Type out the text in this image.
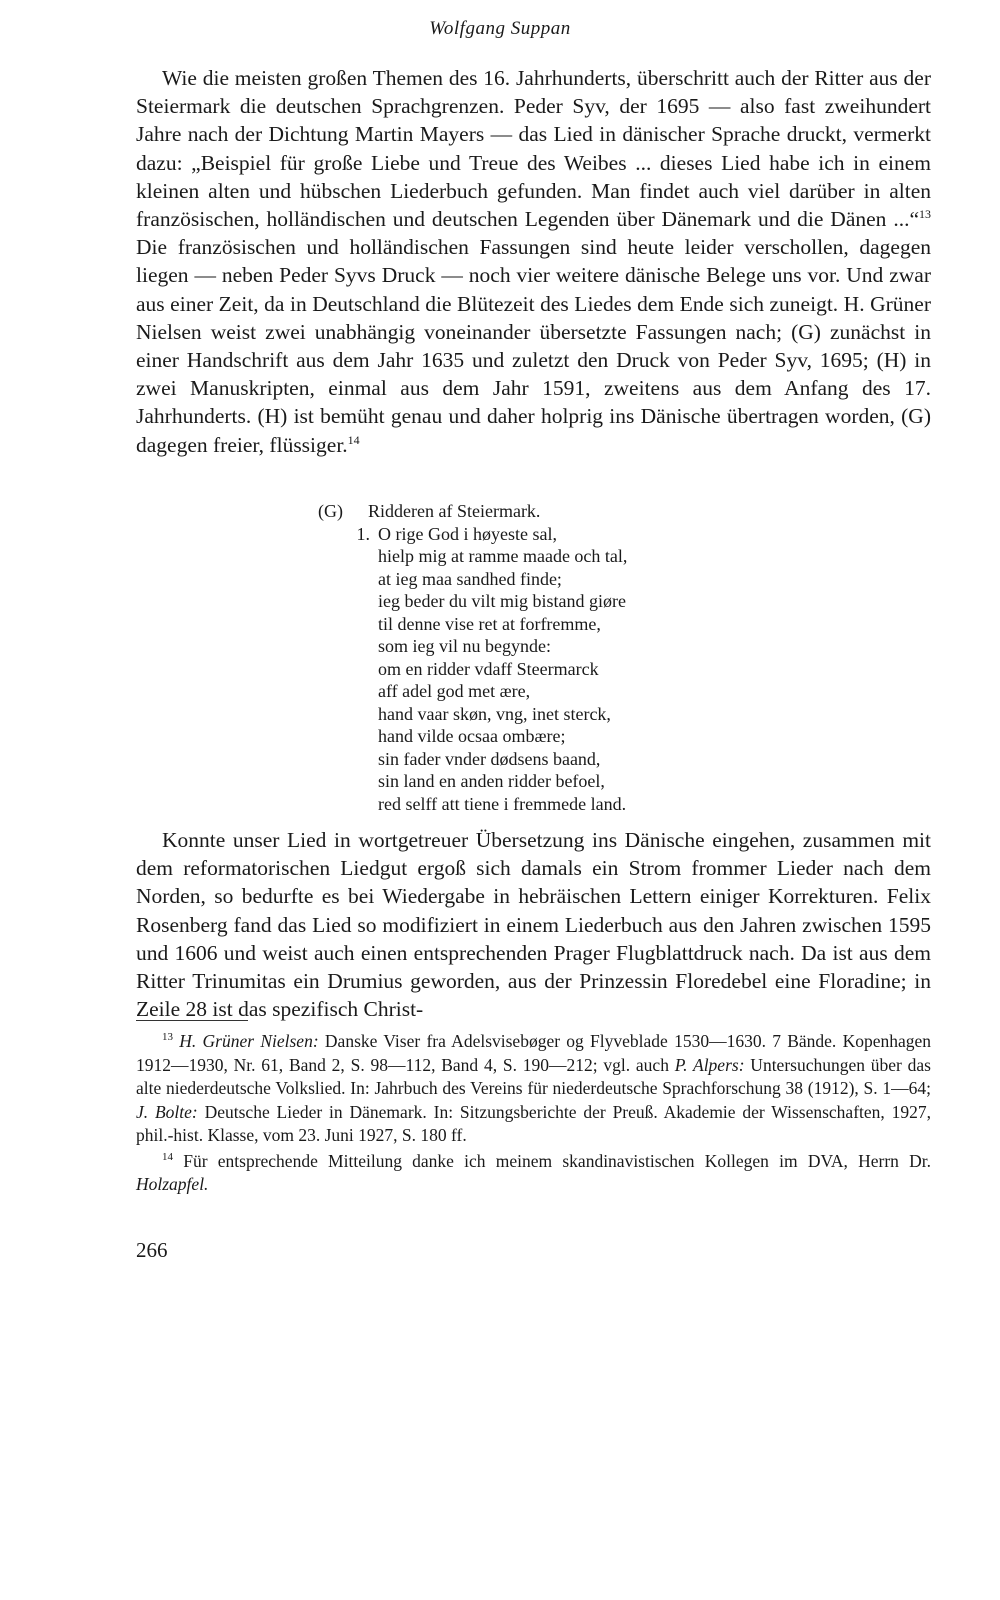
Wolfgang Suppan
Wie die meisten großen Themen des 16. Jahrhunderts, überschritt auch der Ritter aus der Steiermark die deutschen Sprachgrenzen. Peder Syv, der 1695 — also fast zweihundert Jahre nach der Dichtung Martin Mayers — das Lied in dänischer Sprache druckt, vermerkt dazu: „Beispiel für große Liebe und Treue des Weibes ... dieses Lied habe ich in einem kleinen alten und hübschen Liederbuch gefunden. Man findet auch viel darüber in alten französischen, holländischen und deutschen Legenden über Dänemark und die Dänen ...“$^{13}$ Die französischen und holländischen Fassungen sind heute leider verschollen, dagegen liegen — neben Peder Syvs Druck — noch vier weitere dänische Belege uns vor. Und zwar aus einer Zeit, da in Deutschland die Blütezeit des Liedes dem Ende sich zuneigt. H. Grüner Nielsen weist zwei unabhängig voneinander übersetzte Fassungen nach; (G) zunächst in einer Handschrift aus dem Jahr 1635 und zuletzt den Druck von Peder Syv, 1695; (H) in zwei Manuskripten, einmal aus dem Jahr 1591, zweitens aus dem Anfang des 17. Jahrhunderts. (H) ist bemüht genau und daher holprig ins Dänische übertragen worden, (G) dagegen freier, flüssiger.$^{14}$
(G)	Ridderen af Steiermark.
1. O rige God i høyeste sal,
hielp mig at ramme maade och tal,
at ieg maa sandhed finde;
ieg beder du vilt mig bistand giøre
til denne vise ret at forfremme,
som ieg vil nu begynde:
om en ridder vdaff Steermarck
aff adel god met ære,
hand vaar skøn, vng, inet sterck,
hand vilde ocsaa ombære;
sin fader vnder dødsens baand,
sin land en anden ridder befoel,
red selff att tiene i fremmede land.
Konnte unser Lied in wortgetreuer Übersetzung ins Dänische eingehen, zusammen mit dem reformatorischen Liedgut ergoß sich damals ein Strom frommer Lieder nach dem Norden, so bedurfte es bei Wiedergabe in hebräischen Lettern einiger Korrekturen. Felix Rosenberg fand das Lied so modifiziert in einem Liederbuch aus den Jahren zwischen 1595 und 1606 und weist auch einen entsprechenden Prager Flugblattdruck nach. Da ist aus dem Ritter Trinumitas ein Drumius geworden, aus der Prinzessin Floredebel eine Floradine; in Zeile 28 ist das spezifisch Christ-
$^{13}$ H. Grüner Nielsen: Danske Viser fra Adelsvisebøger og Flyveblade 1530—1630. 7 Bände. Kopenhagen 1912—1930, Nr. 61, Band 2, S. 98—112, Band 4, S. 190—212; vgl. auch P. Alpers: Untersuchungen über das alte niederdeutsche Volkslied. In: Jahrbuch des Vereins für niederdeutsche Sprachforschung 38 (1912), S. 1—64; J. Bolte: Deutsche Lieder in Dänemark. In: Sitzungsberichte der Preuß. Akademie der Wissenschaften, 1927, phil.-hist. Klasse, vom 23. Juni 1927, S. 180 ff.
$^{14}$ Für entsprechende Mitteilung danke ich meinem skandinavistischen Kollegen im DVA, Herrn Dr. Holzapfel.
266
